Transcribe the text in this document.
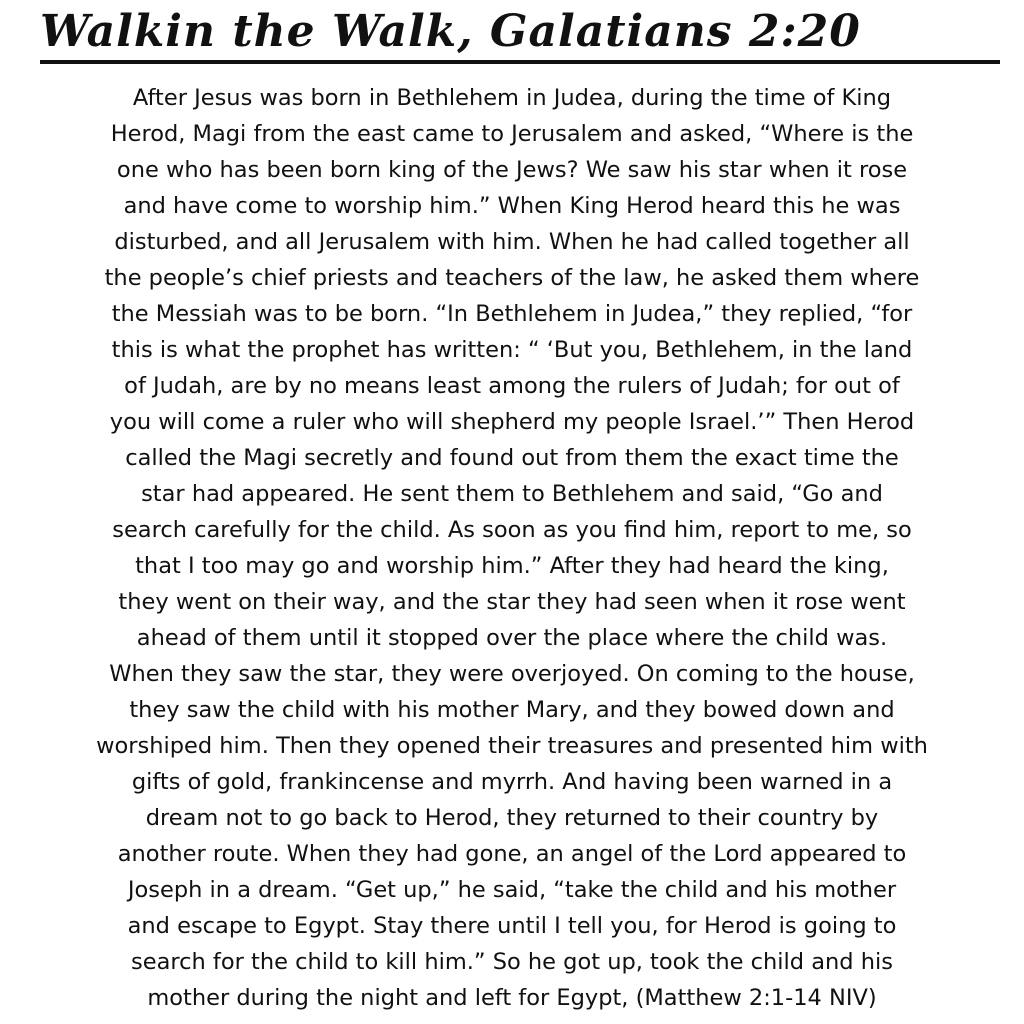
Walkin the Walk, Galatians 2:20
After Jesus was born in Bethlehem in Judea, during the time of King
Herod, Magi from the east came to Jerusalem and asked, “Where is the
one who has been born king of the Jews? We saw his star when it rose
and have come to worship him.” When King Herod heard this he was
disturbed, and all Jerusalem with him. When he had called together all
the people’s chief priests and teachers of the law, he asked them where
the Messiah was to be born. “In Bethlehem in Judea,” they replied, “for
this is what the prophet has written: “ ‘But you, Bethlehem, in the land
of Judah, are by no means least among the rulers of Judah; for out of
you will come a ruler who will shepherd my people Israel.’” Then Herod
called the Magi secretly and found out from them the exact time the
star had appeared. He sent them to Bethlehem and said, “Go and
search carefully for the child. As soon as you find him, report to me, so
that I too may go and worship him.” After they had heard the king,
they went on their way, and the star they had seen when it rose went
ahead of them until it stopped over the place where the child was.
When they saw the star, they were overjoyed. On coming to the house,
they saw the child with his mother Mary, and they bowed down and
worshiped him. Then they opened their treasures and presented him with
gifts of gold, frankincense and myrrh. And having been warned in a
dream not to go back to Herod, they returned to their country by
another route. When they had gone, an angel of the Lord appeared to
Joseph in a dream. “Get up,” he said, “take the child and his mother
and escape to Egypt. Stay there until I tell you, for Herod is going to
search for the child to kill him.” So he got up, took the child and his
mother during the night and left for Egypt, (Matthew 2:1-14 NIV)
